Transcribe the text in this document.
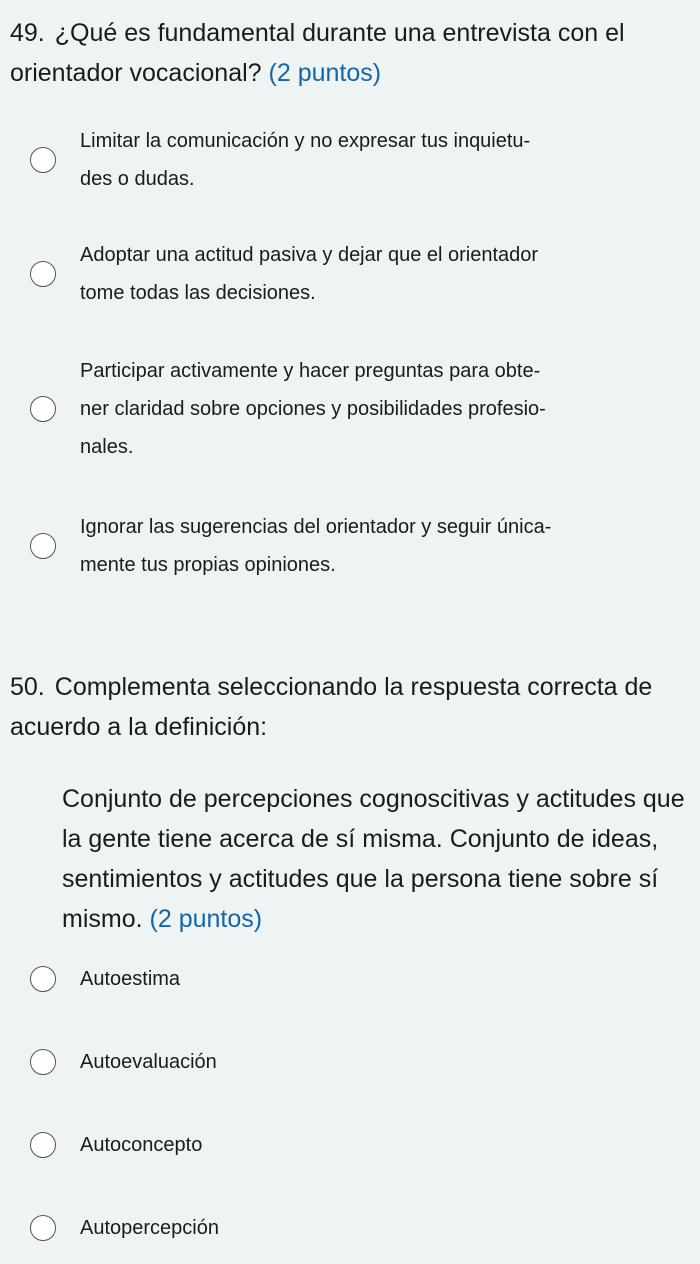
49. ¿Qué es fundamental durante una entrevista con el orientador vocacional? (2 puntos)

Limitar la comunicación y no expresar tus inquietu-
des o dudas.

Adoptar una actitud pasiva y dejar que el orientador
tome todas las decisiones.

Participar activamente y hacer preguntas para obte-
ner claridad sobre opciones y posibilidades profesio-
nales.

Ignorar las sugerencias del orientador y seguir única-
mente tus propias opiniones.

50. Complementa seleccionando la respuesta correcta de acuerdo a la definición:

Conjunto de percepciones cognoscitivas y actitudes que la gente tiene acerca de sí misma. Conjunto de ideas, sentimientos y actitudes que la persona tiene sobre sí mismo. (2 puntos)

Autoestima

Autoevaluación

Autoconcepto

Autopercepción
